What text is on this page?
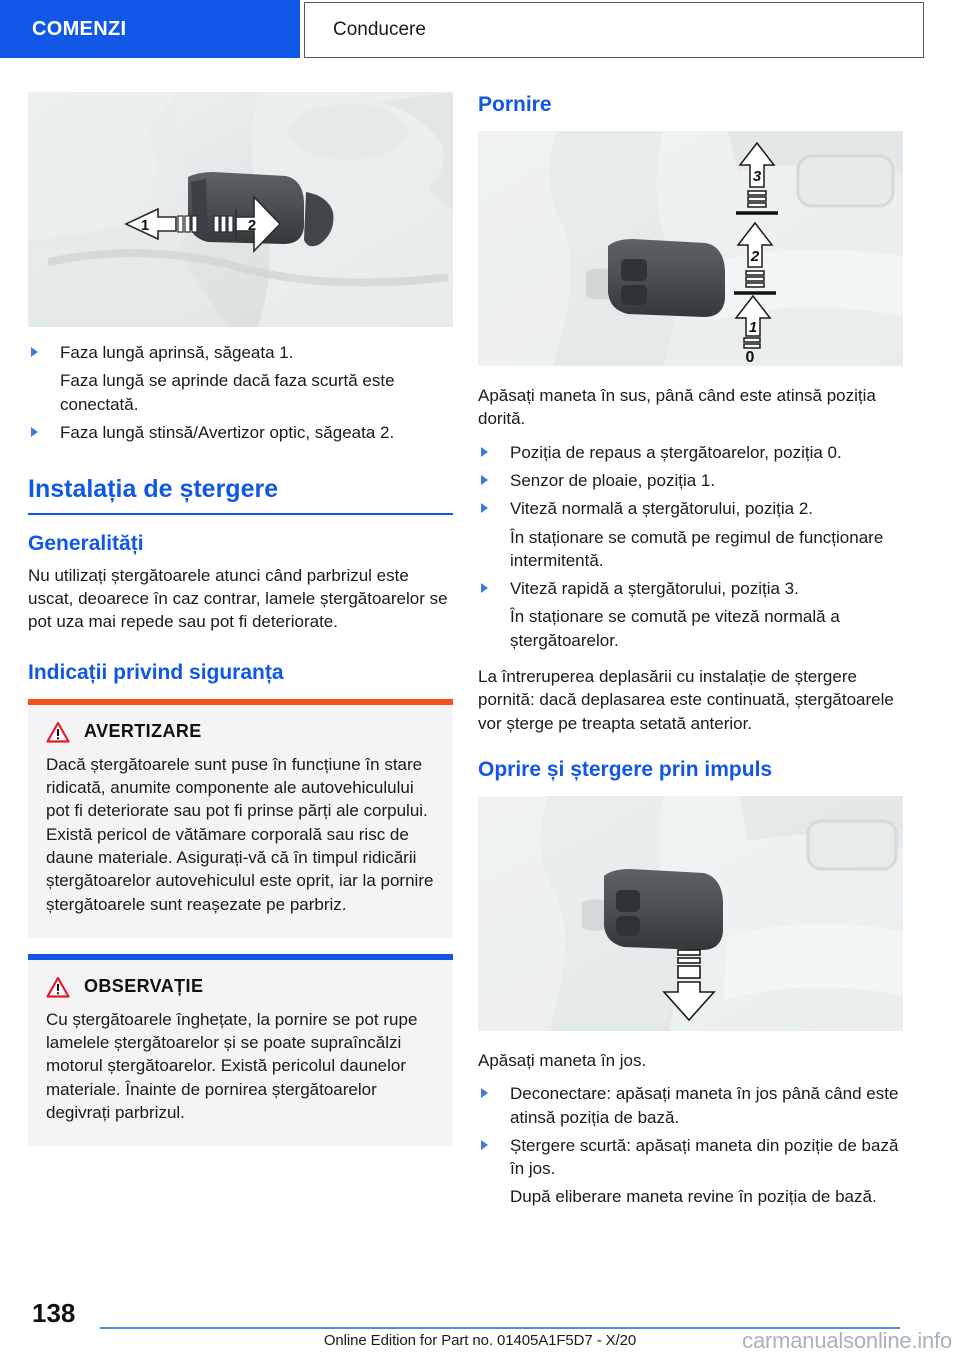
COMENZI	Conducere
1	2
Faza lungă aprinsă, săgeata 1.

Faza lungă se aprinde dacă faza scurtă este conectată.

Faza lungă stinsă/Avertizor optic, săgeata 2.
Instalația de ștergere
Generalități

Nu utilizați ștergătoarele atunci când parbrizul este uscat, deoarece în caz contrar, lamele ștergătoarelor se pot uza mai repede sau pot fi deteriorate.

Indicații privind siguranța
AVERTIZARE
Dacă ștergătoarele sunt puse în funcțiune în stare ridicată, anumite componente ale autovehiculului pot fi deteriorate sau pot fi prinse părți ale corpului. Există pericol de vătămare corporală sau risc de daune materiale. Asigurați-vă că în timpul ridicării ștergătoarelor autovehiculul este oprit, iar la pornire ștergătoarele sunt reașezate pe parbriz.
OBSERVAȚIE
Cu ștergătoarele înghețate, la pornire se pot rupe lamelele ștergătoarelor și se poate supraîncălzi motorul ștergătoarelor. Există pericolul daunelor materiale. Înainte de pornirea ștergătoarelor degivrați parbrizul.
Pornire
3
2
1
0

Apăsați maneta în sus, până când este atinsă poziția dorită.

Poziția de repaus a ștergătoarelor, poziția 0.
Senzor de ploaie, poziția 1.
Viteză normală a ștergătorului, poziția 2.

În staționare se comută pe regimul de funcționare intermitentă.

Viteză rapidă a ștergătorului, poziția 3.

În staționare se comută pe viteză normală a ștergătoarelor.

La întreruperea deplasării cu instalație de ștergere pornită: dacă deplasarea este continuată, ștergătoarele vor șterge pe treapta setată anterior.

Oprire și ștergere prin impuls

Apăsați maneta în jos.

Deconectare: apăsați maneta în jos până când este atinsă poziția de bază.
Ștergere scurtă: apăsați maneta din poziție de bază în jos.

După eliberare maneta revine în poziția de bază.

138
Online Edition for Part no. 01405A1F5D7 - X/20	carmanualsonline.info
